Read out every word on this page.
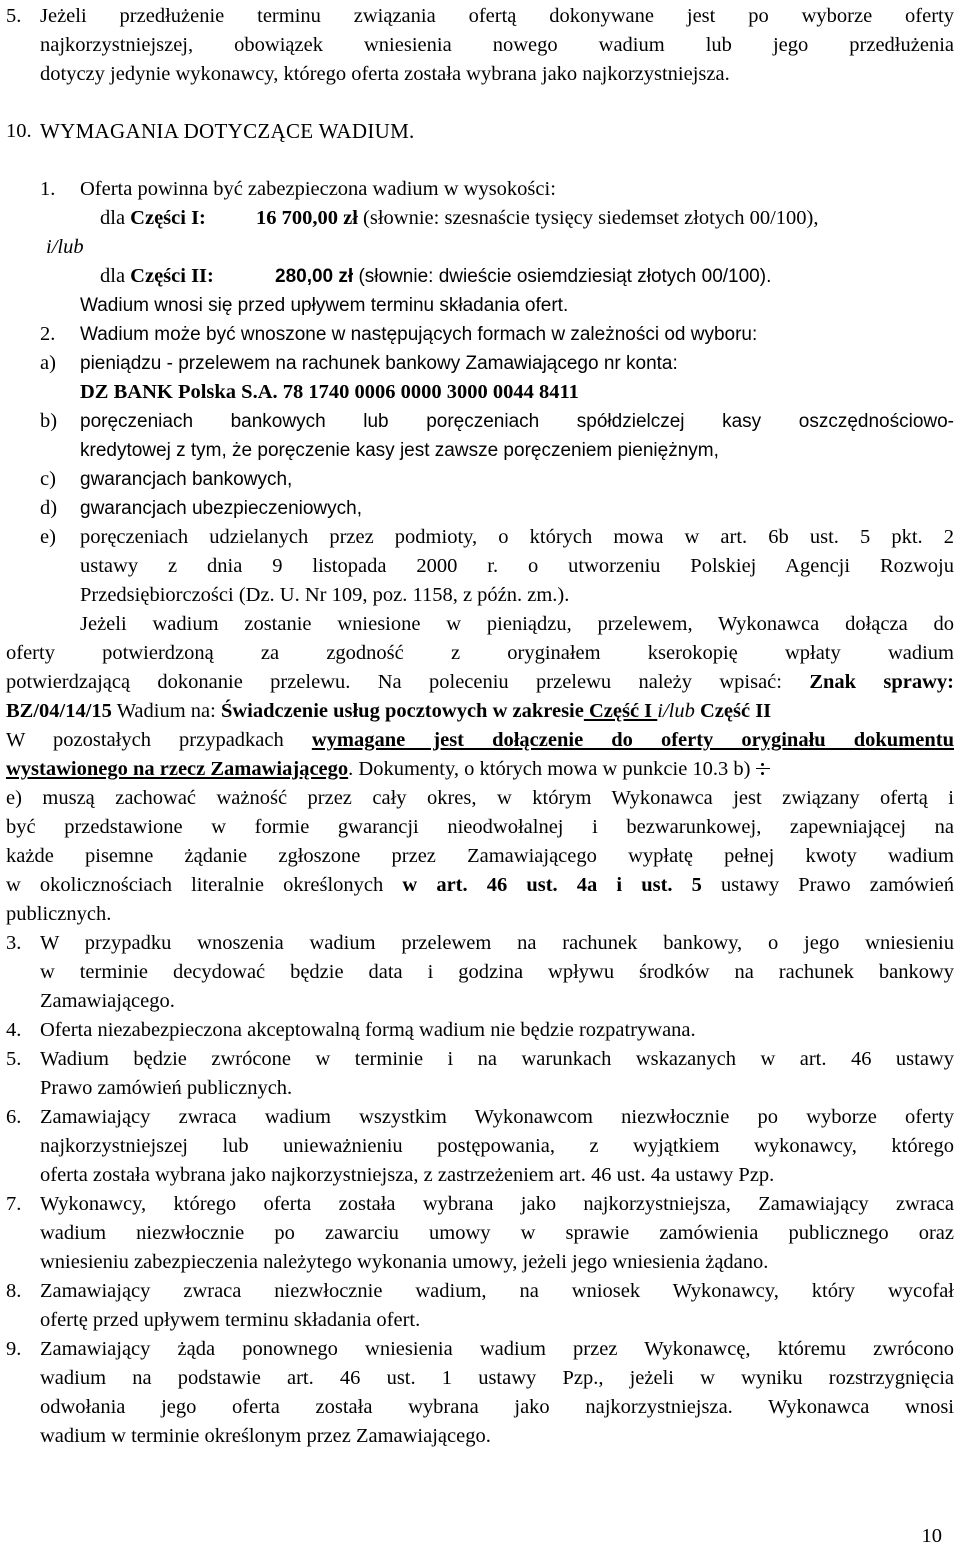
5. Jeżeli przedłużenie terminu związania ofertą dokonywane jest po wyborze oferty
najkorzystniejszej, obowiązek wniesienia nowego wadium lub jego przedłużenia
dotyczy jedynie wykonawcy, którego oferta została wybrana jako najkorzystniejsza.
10. WYMAGANIA DOTYCZĄCE WADIUM.
1. Oferta powinna być zabezpieczona wadium w wysokości:
dla Części I: 16 700,00 zł (słownie: szesnaście tysięcy siedemset złotych 00/100),
i/lub
dla Części II:	280,00 zł (słownie: dwieście osiemdziesiąt złotych 00/100).
Wadium wnosi się przed upływem terminu składania ofert.
2. Wadium może być wnoszone w następujących formach w zależności od wyboru:
a) pieniądzu - przelewem na rachunek bankowy Zamawiającego nr konta:
DZ BANK Polska S.A. 78 1740 0006 0000 3000 0044 8411
b) poręczeniach bankowych lub poręczeniach spółdzielczej kasy oszczędnościowo-
kredytowej z tym, że poręczenie kasy jest zawsze poręczeniem pieniężnym,
c) gwarancjach bankowych,
d) gwarancjach ubezpieczeniowych,
e) poręczeniach udzielanych przez podmioty, o których mowa w art. 6b ust. 5 pkt. 2
ustawy z dnia 9 listopada 2000 r. o utworzeniu Polskiej Agencji Rozwoju
Przedsiębiorczości (Dz. U. Nr 109, poz. 1158, z późn. zm.).
Jeżeli wadium zostanie wniesione w pieniądzu, przelewem, Wykonawca dołącza do
oferty potwierdzoną za zgodność z oryginałem kserokopię wpłaty wadium
potwierdzającą dokonanie przelewu. Na poleceniu przelewu należy wpisać: Znak sprawy:
BZ/04/14/15 Wadium na: Świadczenie usług pocztowych w zakresie Część I i/lub Część II
W pozostałych przypadkach wymagane jest dołączenie do oferty oryginału dokumentu
wystawionego na rzecz Zamawiającego. Dokumenty, o których mowa w punkcie 10.3 b)
e) muszą zachować ważność przez cały okres, w którym Wykonawca jest związany ofertą i
być przedstawione w formie gwarancji nieodwołalnej i bezwarunkowej, zapewniającej na
każde pisemne żądanie zgłoszone przez Zamawiającego wypłatę pełnej kwoty wadium
w okolicznościach literalnie określonych w art. 46 ust. 4a i ust. 5 ustawy Prawo zamówień
publicznych.
3. W przypadku wnoszenia wadium przelewem na rachunek bankowy, o jego wniesieniu
w terminie decydować będzie data i godzina wpływu środków na rachunek bankowy
Zamawiającego.
4. Oferta niezabezpieczona akceptowalną formą wadium nie będzie rozpatrywana.
5. Wadium będzie zwrócone w terminie i na warunkach wskazanych w art. 46 ustawy
Prawo zamówień publicznych.
6. Zamawiający zwraca wadium wszystkim Wykonawcom niezwłocznie po wyborze oferty
najkorzystniejszej lub unieważnieniu postępowania, z wyjątkiem wykonawcy, którego
oferta została wybrana jako najkorzystniejsza, z zastrzeżeniem art. 46 ust. 4a ustawy Pzp.
7. Wykonawcy, którego oferta została wybrana jako najkorzystniejsza, Zamawiający zwraca
wadium niezwłocznie po zawarciu umowy w sprawie zamówienia publicznego oraz
wniesieniu zabezpieczenia należytego wykonania umowy, jeżeli jego wniesienia żądano.
8. Zamawiający zwraca niezwłocznie wadium, na wniosek Wykonawcy, który wycofał
ofertę przed upływem terminu składania ofert.
9. Zamawiający żąda ponownego wniesienia wadium przez Wykonawcę, któremu zwrócono
wadium na podstawie art. 46 ust. 1 ustawy Pzp., jeżeli w wyniku rozstrzygnięcia
odwołania jego oferta została wybrana jako najkorzystniejsza. Wykonawca wnosi
wadium w terminie określonym przez Zamawiającego.
10
